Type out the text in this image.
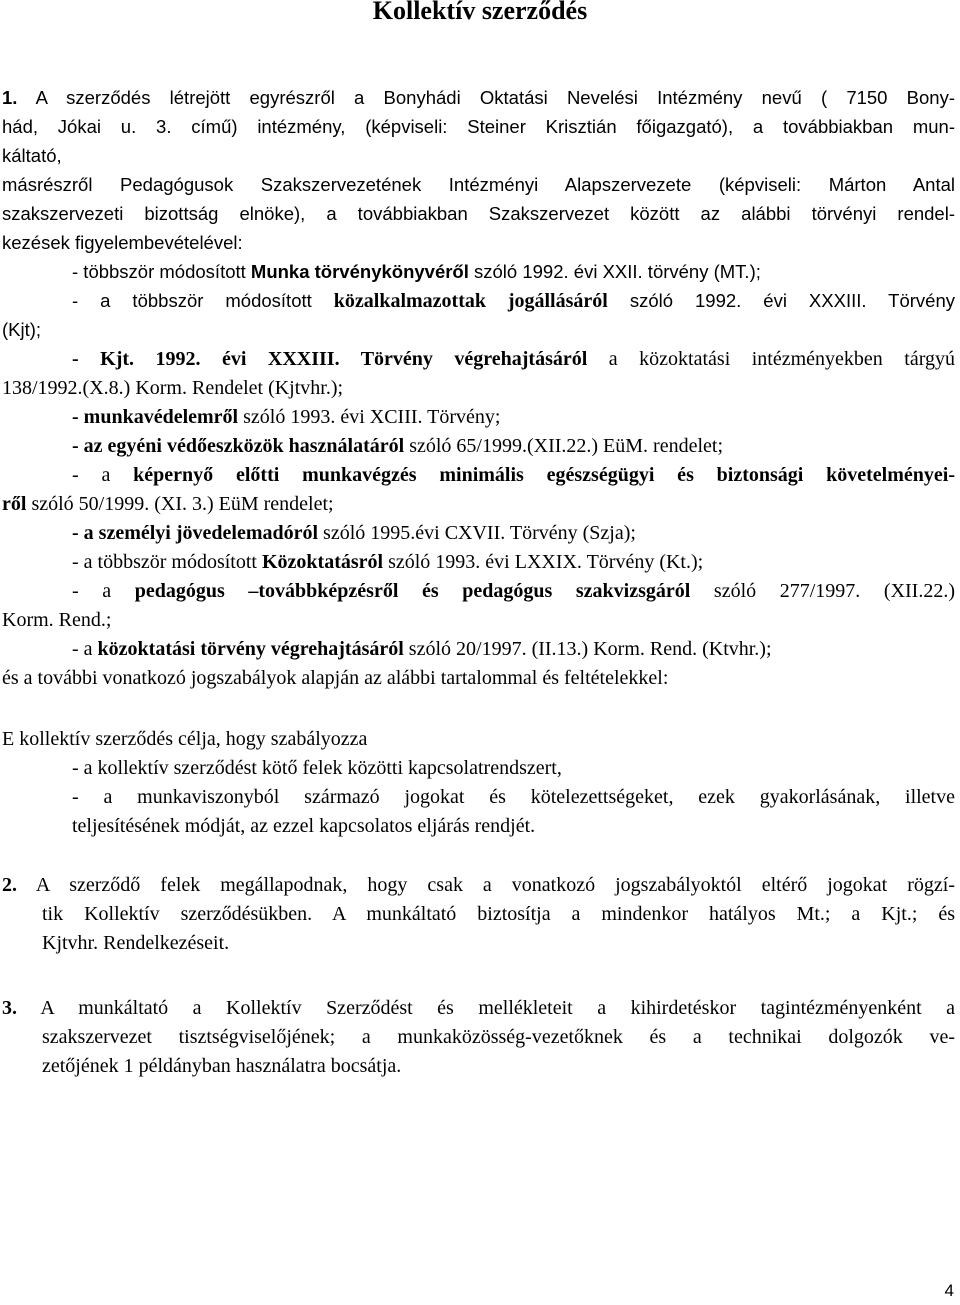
Kollektív szerződés
1. A szerződés létrejött egyrészről a Bonyhádi Oktatási Nevelési Intézmény nevű ( 7150 Bony-
hád, Jókai u. 3. című) intézmény, (képviseli: Steiner Krisztián főigazgató), a továbbiakban mun-
káltató,
másrészről Pedagógusok Szakszervezetének Intézményi Alapszervezete (képviseli: Márton Antal
szakszervezeti bizottság elnöke), a továbbiakban Szakszervezet között az alábbi törvényi rendel-
kezések figyelembevételével:
- többször módosított Munka törvénykönyvéről szóló 1992. évi XXII. törvény (MT.);
- a többször módosított közalkalmazottak jogállásáról szóló 1992. évi XXXIII. Törvény
(Kjt);
- Kjt. 1992. évi XXXIII. Törvény végrehajtásáról a közoktatási intézményekben tárgyú
138/1992.(X.8.) Korm. Rendelet (Kjtvhr.);
- munkavédelemről szóló 1993. évi XCIII. Törvény;
- az egyéni védőeszközök használatáról szóló 65/1999.(XII.22.) EüM. rendelet;
- a képernyő előtti munkavégzés minimális egészségügyi és biztonsági követelményei-
ről szóló 50/1999. (XI. 3.) EüM rendelet;
- a személyi jövedelemadóról szóló 1995.évi CXVII. Törvény (Szja);
- a többször módosított Közoktatásról szóló 1993. évi LXXIX. Törvény (Kt.);
- a pedagógus –továbbképzésről és pedagógus szakvizsgáról szóló 277/1997. (XII.22.)
Korm. Rend.;
- a közoktatási törvény végrehajtásáról szóló 20/1997. (II.13.) Korm. Rend. (Ktvhr.);
és a további vonatkozó jogszabályok alapján az alábbi tartalommal és feltételekkel:
E kollektív szerződés célja, hogy szabályozza
- a kollektív szerződést kötő felek közötti kapcsolatrendszert,
- a munkaviszonyból származó jogokat és kötelezettségeket, ezek gyakorlásának, illetve
teljesítésének módját, az ezzel kapcsolatos eljárás rendjét.
2. A szerződő felek megállapodnak, hogy csak a vonatkozó jogszabályoktól eltérő jogokat rögzí-
tik Kollektív szerződésükben. A munkáltató biztosítja a mindenkor hatályos Mt.; a Kjt.; és
Kjtvhr. Rendelkezéseit.
3. A munkáltató a Kollektív Szerződést és mellékleteit a kihirdetéskor tagintézményenként a
szakszervezet tisztségviselőjének; a munkaközösség-vezetőknek és a technikai dolgozók ve-
zetőjének 1 példányban használatra bocsátja.
4
